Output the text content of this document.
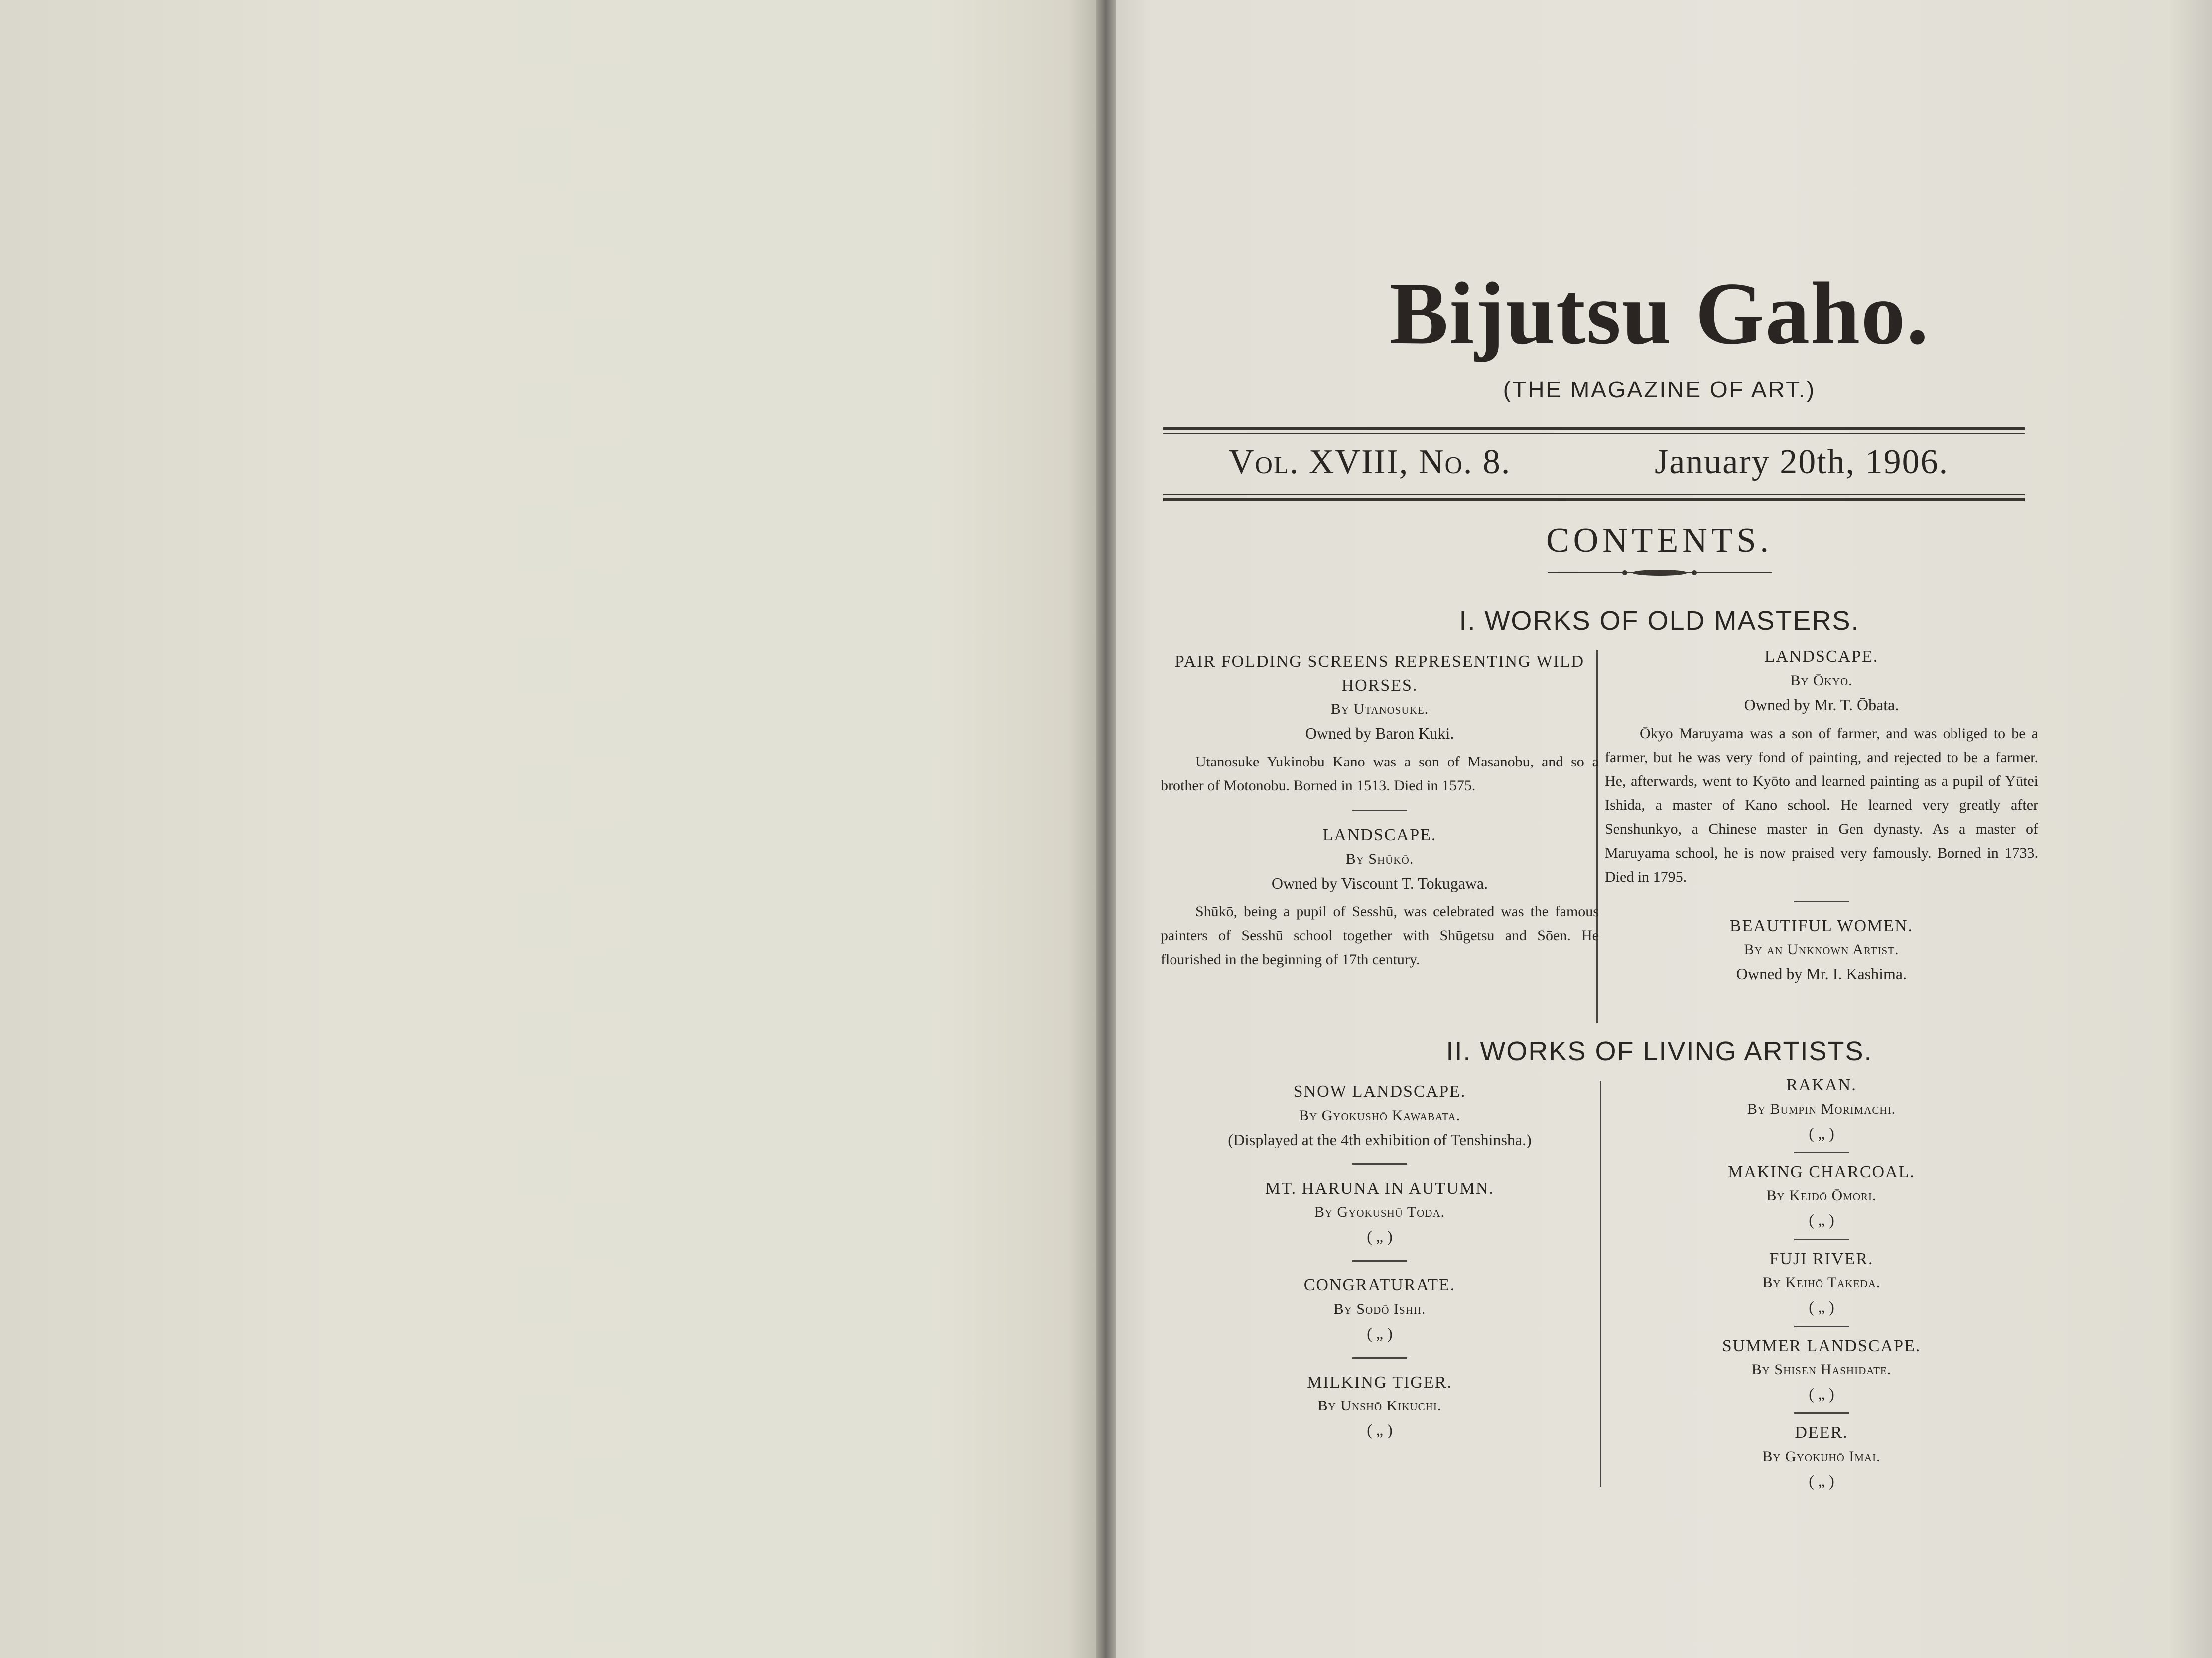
Bijutsu Gaho.
(THE MAGAZINE OF ART.)
Vol. XVIII, No. 8.	January 20th, 1906.
CONTENTS.
I. WORKS OF OLD MASTERS.
PAIR FOLDING SCREENS REPRESENTING WILD HORSES.
By Utanosuke.
Owned by Baron Kuki.
Utanosuke Yukinobu Kano was a son of Masanobu, and so a brother of Motonobu. Borned in 1513. Died in 1575.
LANDSCAPE.
By Shūkō.
Owned by Viscount T. Tokugawa.
Shūkō, being a pupil of Sesshū, was celebrated was the famous painters of Sesshū school together with Shūgetsu and Sōen. He flourished in the beginning of 17th century.
LANDSCAPE.
By Ōkyo.
Owned by Mr. T. Ōbata.
Ōkyo Maruyama was a son of farmer, and was obliged to be a farmer, but he was very fond of painting, and rejected to be a farmer. He, afterwards, went to Kyōto and learned painting as a pupil of Yūtei Ishida, a master of Kano school. He learned very greatly after Senshunkyo, a Chinese master in Gen dynasty. As a master of Maruyama school, he is now praised very famously. Borned in 1733. Died in 1795.
BEAUTIFUL WOMEN.
By an Unknown Artist.
Owned by Mr. I. Kashima.
II. WORKS OF LIVING ARTISTS.
SNOW LANDSCAPE.
By Gyokushō Kawabata.
(Displayed at the 4th exhibition of Tenshinsha.)
MT. HARUNA IN AUTUMN.
By Gyokushū Toda.
( „ )
CONGRATURATE.
By Sodō Ishii.
( „ )
MILKING TIGER.
By Unshō Kikuchi.
( „ )
RAKAN.
By Bumpin Morimachi.
( „ )
MAKING CHARCOAL.
By Keidō Ōmori.
( „ )
FUJI RIVER.
By Keihō Takeda.
( „ )
SUMMER LANDSCAPE.
By Shisen Hashidate.
( „ )
DEER.
By Gyokuhō Imai.
( „ )
